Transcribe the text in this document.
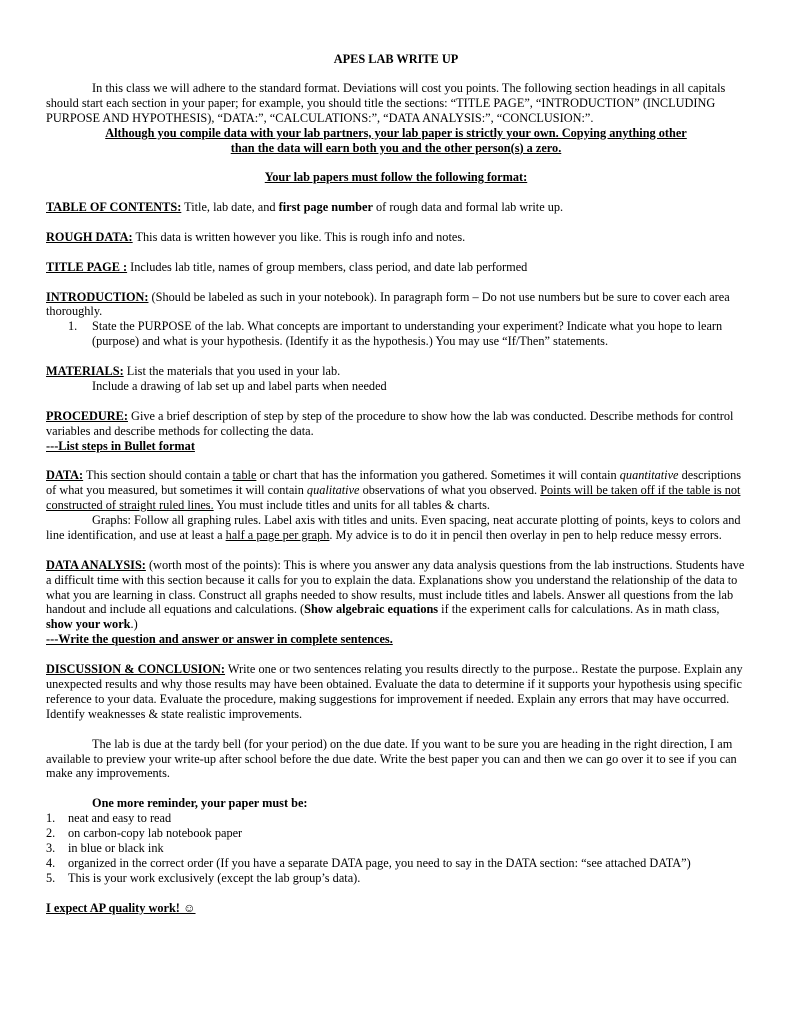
APES LAB WRITE UP

In this class we will adhere to the standard format. Deviations will cost you points. The following section headings in all capitals should start each section in your paper; for example, you should title the sections: “TITLE PAGE”, “INTRODUCTION” (INCLUDING PURPOSE AND HYPOTHESIS), “DATA:”, “CALCULATIONS:”, “DATA ANALYSIS:”, “CONCLUSION:”.

Although you compile data with your lab partners, your lab paper is strictly your own. Copying anything other than the data will earn both you and the other person(s) a zero.

Your lab papers must follow the following format:

TABLE OF CONTENTS: Title, lab date, and first page number of rough data and formal lab write up.

ROUGH DATA: This data is written however you like. This is rough info and notes.

TITLE PAGE : Includes lab title, names of group members, class period, and date lab performed

INTRODUCTION: (Should be labeled as such in your notebook). In paragraph form – Do not use numbers but be sure to cover each area thoroughly.

1. State the PURPOSE of the lab. What concepts are important to understanding your experiment? Indicate what you hope to learn (purpose) and what is your hypothesis. (Identify it as the hypothesis.) You may use “If/Then” statements.

MATERIALS: List the materials that you used in your lab.

Include a drawing of lab set up and label parts when needed

PROCEDURE: Give a brief description of step by step of the procedure to show how the lab was conducted. Describe methods for control variables and describe methods for collecting the data.

---List steps in Bullet format

DATA: This section should contain a table or chart that has the information you gathered. Sometimes it will contain quantitative descriptions of what you measured, but sometimes it will contain qualitative observations of what you observed. Points will be taken off if the table is not constructed of straight ruled lines. You must include titles and units for all tables & charts.

Graphs: Follow all graphing rules. Label axis with titles and units. Even spacing, neat accurate plotting of points, keys to colors and line identification, and use at least a half a page per graph. My advice is to do it in pencil then overlay in pen to help reduce messy errors.

DATA ANALYSIS: (worth most of the points): This is where you answer any data analysis questions from the lab instructions. Students have a difficult time with this section because it calls for you to explain the data. Explanations show you understand the relationship of the data to what you are learning in class. Construct all graphs needed to show results, must include titles and labels. Answer all questions from the lab handout and include all equations and calculations. (Show algebraic equations if the experiment calls for calculations. As in math class, show your work.)

---Write the question and answer or answer in complete sentences.

DISCUSSION & CONCLUSION: Write one or two sentences relating you results directly to the purpose.. Restate the purpose. Explain any unexpected results and why those results may have been obtained. Evaluate the data to determine if it supports your hypothesis using specific reference to your data. Evaluate the procedure, making suggestions for improvement if needed. Explain any errors that may have occurred. Identify weaknesses & state realistic improvements.

The lab is due at the tardy bell (for your period) on the due date. If you want to be sure you are heading in the right direction, I am available to preview your write-up after school before the due date. Write the best paper you can and then we can go over it to see if you can make any improvements.

One more reminder, your paper must be:

1. neat and easy to read
2. on carbon-copy lab notebook paper
3. in blue or black ink
4. organized in the correct order (If you have a separate DATA page, you need to say in the DATA section: “see attached DATA”)
5. This is your work exclusively (except the lab group’s data).

I expect AP quality work! ☺
